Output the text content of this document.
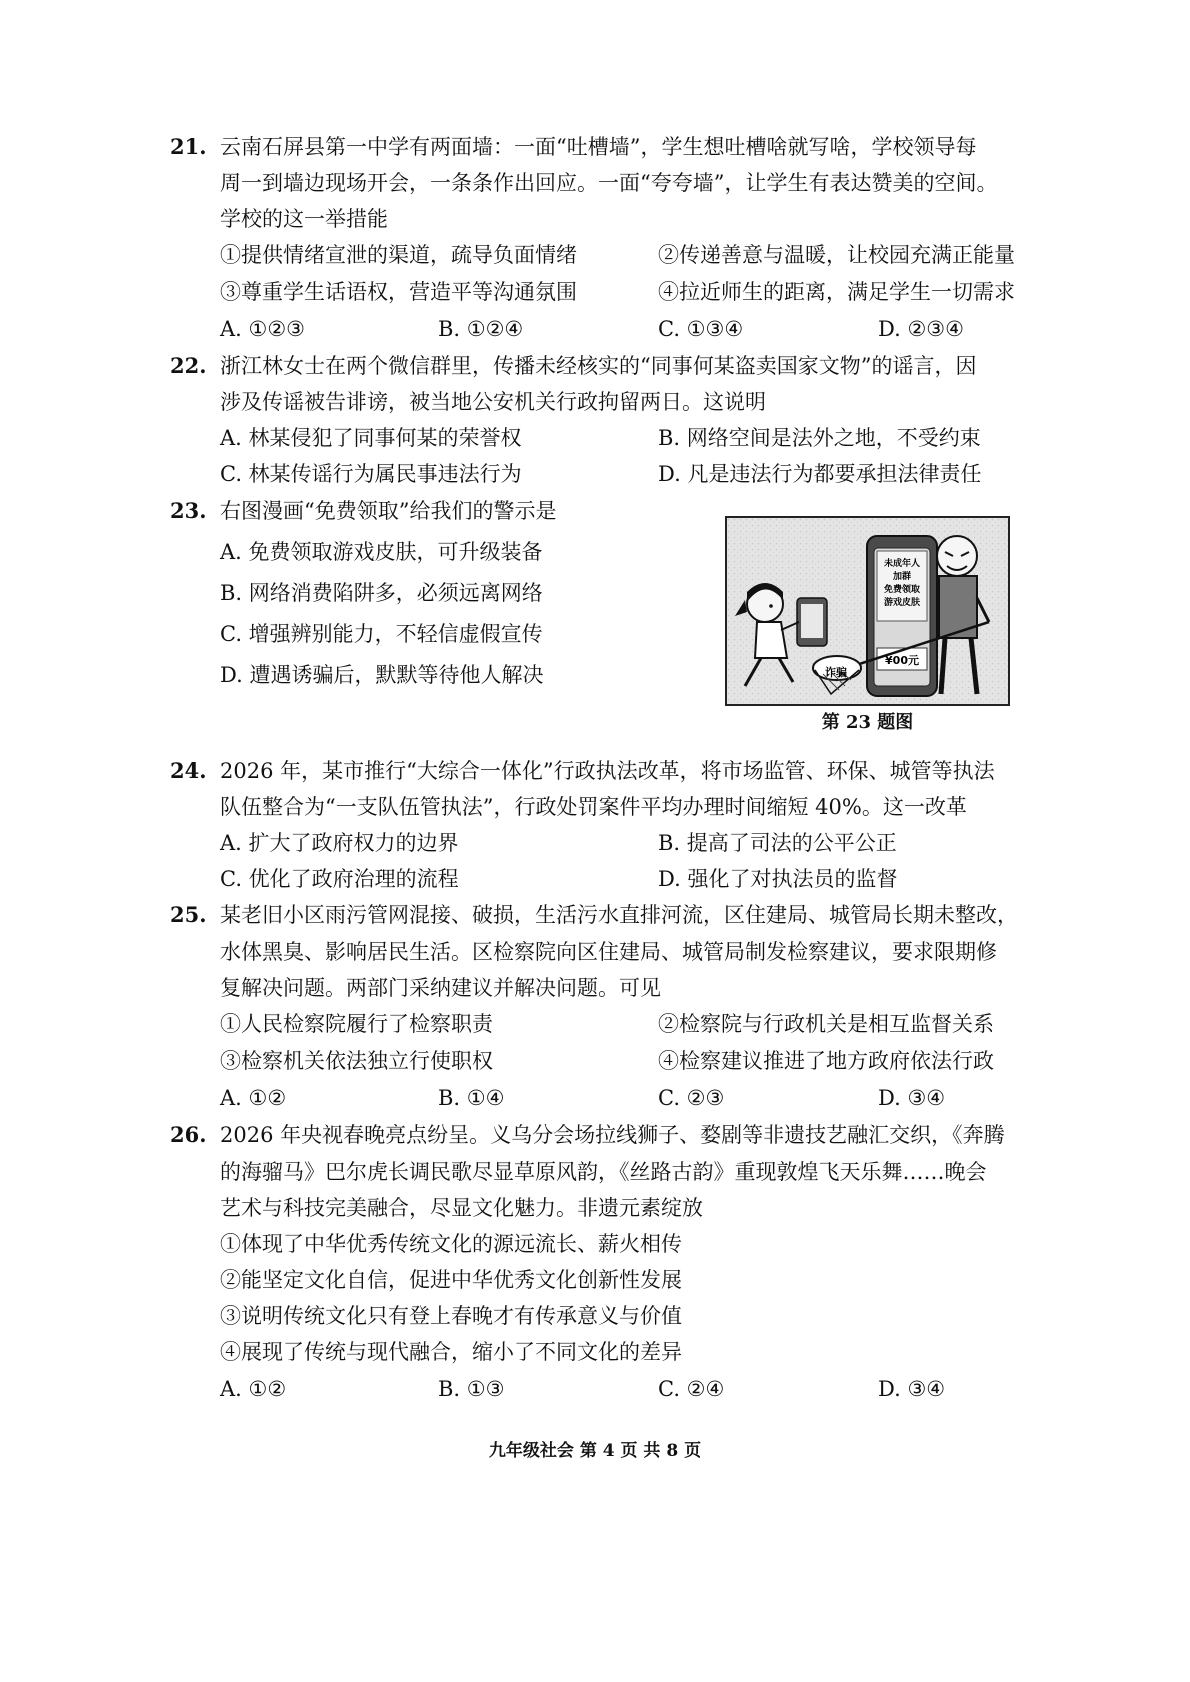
21. 云南石屏县第一中学有两面墙：一面“吐槽墙”，学生想吐槽啥就写啥，学校领导每
周一到墙边现场开会，一条条作出回应。一面“夸夸墙”，让学生有表达赞美的空间。
学校的这一举措能
①提供情绪宣泄的渠道，疏导负面情绪	②传递善意与温暖，让校园充满正能量
③尊重学生话语权，营造平等沟通氛围	④拉近师生的距离，满足学生一切需求
A. ①②③	B. ①②④	C. ①③④	D. ②③④
22. 浙江林女士在两个微信群里，传播未经核实的“同事何某盗卖国家文物”的谣言，因
涉及传谣被告诽谤，被当地公安机关行政拘留两日。这说明
A. 林某侵犯了同事何某的荣誉权	B. 网络空间是法外之地，不受约束
C. 林某传谣行为属民事违法行为	D. 凡是违法行为都要承担法律责任
23. 右图漫画“免费领取”给我们的警示是
A. 免费领取游戏皮肤，可升级装备
B. 网络消费陷阱多，必须远离网络
C. 增强辨别能力，不轻信虚假宣传
D. 遭遇诱骗后，默默等待他人解决
未成年人
加群
免费领取
游戏皮肤
¥00元
诈骗
第 23 题图
24. 2026 年，某市推行“大综合一体化”行政执法改革，将市场监管、环保、城管等执法
队伍整合为“一支队伍管执法”，行政处罚案件平均办理时间缩短 40%。这一改革
A. 扩大了政府权力的边界	B. 提高了司法的公平公正
C. 优化了政府治理的流程	D. 强化了对执法员的监督
25. 某老旧小区雨污管网混接、破损，生活污水直排河流，区住建局、城管局长期未整改，
水体黑臭、影响居民生活。区检察院向区住建局、城管局制发检察建议，要求限期修
复解决问题。两部门采纳建议并解决问题。可见
①人民检察院履行了检察职责	②检察院与行政机关是相互监督关系
③检察机关依法独立行使职权	④检察建议推进了地方政府依法行政
A. ①②	B. ①④	C. ②③	D. ③④
26. 2026 年央视春晚亮点纷呈。义乌分会场拉线狮子、婺剧等非遗技艺融汇交织，《奔腾
的海骝马》巴尔虎长调民歌尽显草原风韵，《丝路古韵》重现敦煌飞天乐舞……晚会
艺术与科技完美融合，尽显文化魅力。非遗元素绽放
①体现了中华优秀传统文化的源远流长、薪火相传
②能坚定文化自信，促进中华优秀文化创新性发展
③说明传统文化只有登上春晚才有传承意义与价值
④展现了传统与现代融合，缩小了不同文化的差异
A. ①②	B. ①③	C. ②④	D. ③④
九年级社会 第 4 页 共 8 页
